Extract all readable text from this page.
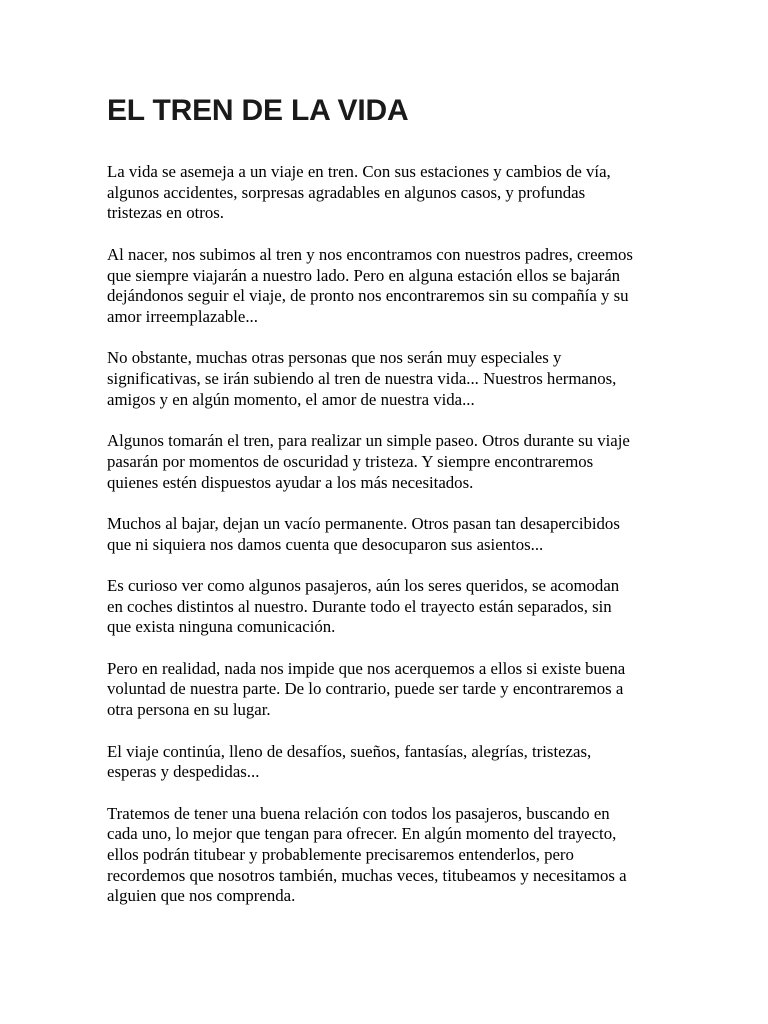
EL TREN DE LA VIDA

La vida se asemeja a un viaje en tren. Con sus estaciones y cambios de vía,
algunos accidentes, sorpresas agradables en algunos casos, y profundas
tristezas en otros.

Al nacer, nos subimos al tren y nos encontramos con nuestros padres, creemos
que siempre viajarán a nuestro lado. Pero en alguna estación ellos se bajarán
dejándonos seguir el viaje, de pronto nos encontraremos sin su compañía y su
amor irreemplazable...

No obstante, muchas otras personas que nos serán muy especiales y
significativas, se irán subiendo al tren de nuestra vida... Nuestros hermanos,
amigos y en algún momento, el amor de nuestra vida...

Algunos tomarán el tren, para realizar un simple paseo. Otros durante su viaje
pasarán por momentos de oscuridad y tristeza. Y siempre encontraremos
quienes estén dispuestos ayudar a los más necesitados.

Muchos al bajar, dejan un vacío permanente. Otros pasan tan desapercibidos
que ni siquiera nos damos cuenta que desocuparon sus asientos...

Es curioso ver como algunos pasajeros, aún los seres queridos, se acomodan
en coches distintos al nuestro. Durante todo el trayecto están separados, sin
que exista ninguna comunicación.

Pero en realidad, nada nos impide que nos acerquemos a ellos si existe buena
voluntad de nuestra parte. De lo contrario, puede ser tarde y encontraremos a
otra persona en su lugar.

El viaje continúa, lleno de desafíos, sueños, fantasías, alegrías, tristezas,
esperas y despedidas...

Tratemos de tener una buena relación con todos los pasajeros, buscando en
cada uno, lo mejor que tengan para ofrecer. En algún momento del trayecto,
ellos podrán titubear y probablemente precisaremos entenderlos, pero
recordemos que nosotros también, muchas veces, titubeamos y necesitamos a
alguien que nos comprenda.
